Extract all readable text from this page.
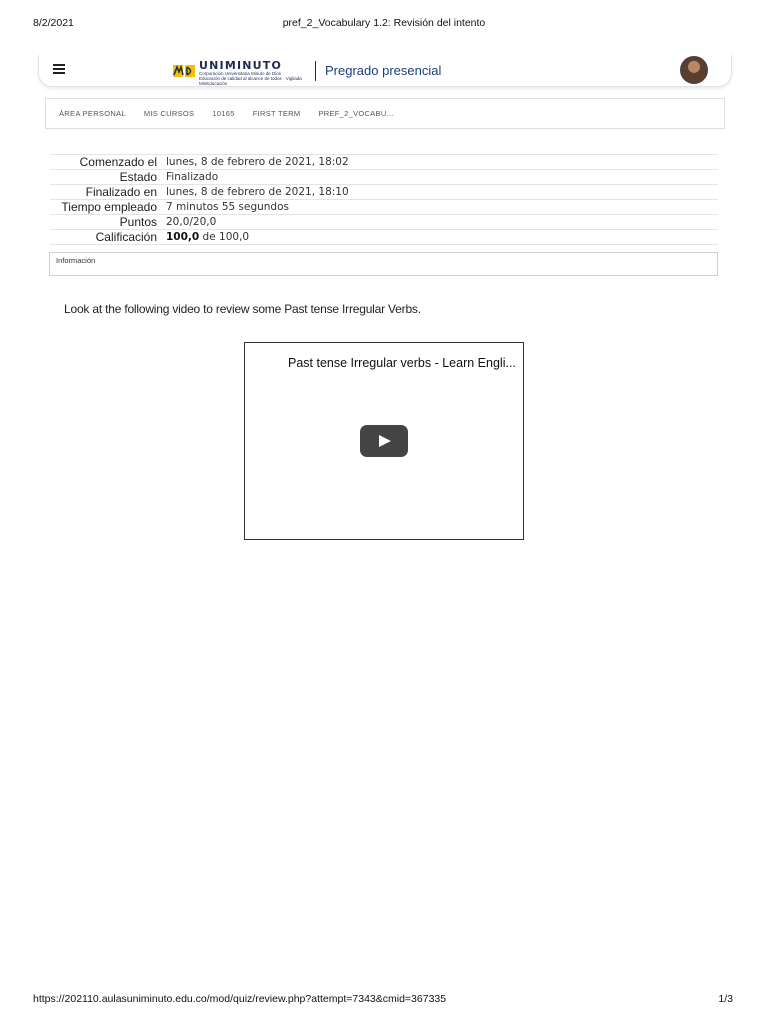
8/2/2021	pref_2_Vocabulary 1.2: Revisión del intento
UNIMINUTO
Corporación Universitaria Minuto de Dios · Educación de calidad al alcance de todos · Vigilada MinEducación
Pregrado presencial
ÁREA PERSONAL MIS CURSOS 10165 FIRST TERM PREF_2_VOCABU...
Comenzado el	lunes, 8 de febrero de 2021, 18:02
Estado	Finalizado
Finalizado en	lunes, 8 de febrero de 2021, 18:10
Tiempo empleado	7 minutos 55 segundos
Puntos	20,0/20,0
Calificación	100,0 de 100,0
Información
Look at the following video to review some Past tense Irregular Verbs.
Past tense Irregular verbs - Learn Engli...
https://202110.aulasuniminuto.edu.co/mod/quiz/review.php?attempt=7343&cmid=367335	1/3
